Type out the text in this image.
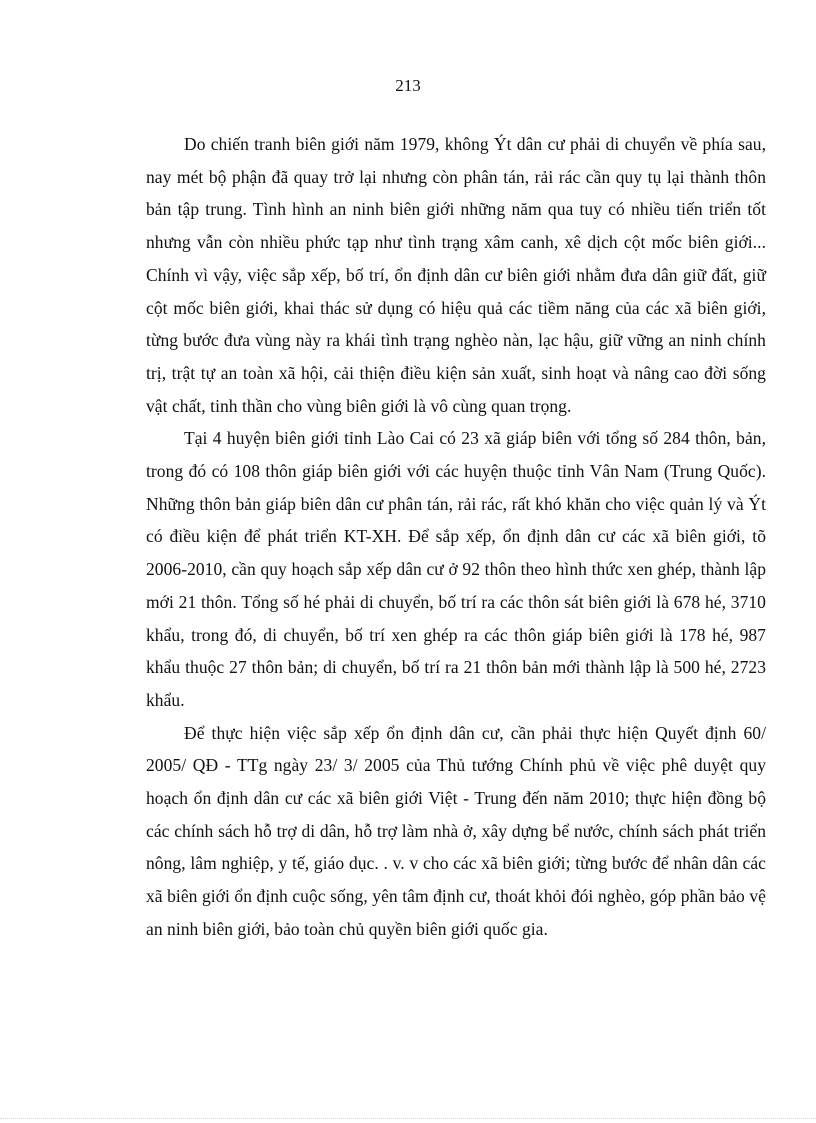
213

Do chiến tranh biên giới năm 1979, không Ýt dân cư phải di chuyển về phía sau, nay mét bộ phận đã quay trở lại nhưng còn phân tán, rải rác cần quy tụ lại thành thôn bản tập trung. Tình hình an ninh biên giới những năm qua tuy có nhiều tiến triển tốt nhưng vẫn còn nhiều phức tạp như tình trạng xâm canh, xê dịch cột mốc biên giới... Chính vì vậy, việc sắp xếp, bố trí, ổn định dân cư biên giới nhằm đưa dân giữ đất, giữ cột mốc biên giới, khai thác sử dụng có hiệu quả các tiềm năng của các xã biên giới, từng bước đưa vùng này ra khái tình trạng nghèo nàn, lạc hậu, giữ vững an ninh chính trị, trật tự an toàn xã hội, cải thiện điều kiện sản xuất, sinh hoạt và nâng cao đời sống vật chất, tinh thần cho vùng biên giới là vô cùng quan trọng.

Tại 4 huyện biên giới tỉnh Lào Cai có 23 xã giáp biên với tổng số 284 thôn, bản, trong đó có 108 thôn giáp biên giới với các huyện thuộc tỉnh Vân Nam (Trung Quốc). Những thôn bản giáp biên dân cư phân tán, rải rác, rất khó khăn cho việc quản lý và Ýt có điều kiện để phát triển KT-XH. Để sắp xếp, ổn định dân cư các xã biên giới, tõ 2006-2010, cần quy hoạch sắp xếp dân cư ở 92 thôn theo hình thức xen ghép, thành lập mới 21 thôn. Tổng số hé phải di chuyển, bố trí ra các thôn sát biên giới là 678 hé, 3710 khẩu, trong đó, di chuyển, bố trí xen ghép ra các thôn giáp biên giới là 178 hé, 987 khẩu thuộc 27 thôn bản; di chuyển, bố trí ra 21 thôn bản mới thành lập là 500 hé, 2723 khẩu.

Để thực hiện việc sắp xếp ổn định dân cư, cần phải thực hiện Quyết định 60/ 2005/ QĐ - TTg ngày 23/ 3/ 2005 của Thủ tướng Chính phủ về việc phê duyệt quy hoạch ổn định dân cư các xã biên giới Việt - Trung đến năm 2010; thực hiện đồng bộ các chính sách hỗ trợ di dân, hỗ trợ làm nhà ở, xây dựng bể nước, chính sách phát triển nông, lâm nghiệp, y tế, giáo dục. . v. v cho các xã biên giới; từng bước để nhân dân các xã biên giới ổn định cuộc sống, yên tâm định cư, thoát khỏi đói nghèo, góp phần bảo vệ an ninh biên giới, bảo toàn chủ quyền biên giới quốc gia.
